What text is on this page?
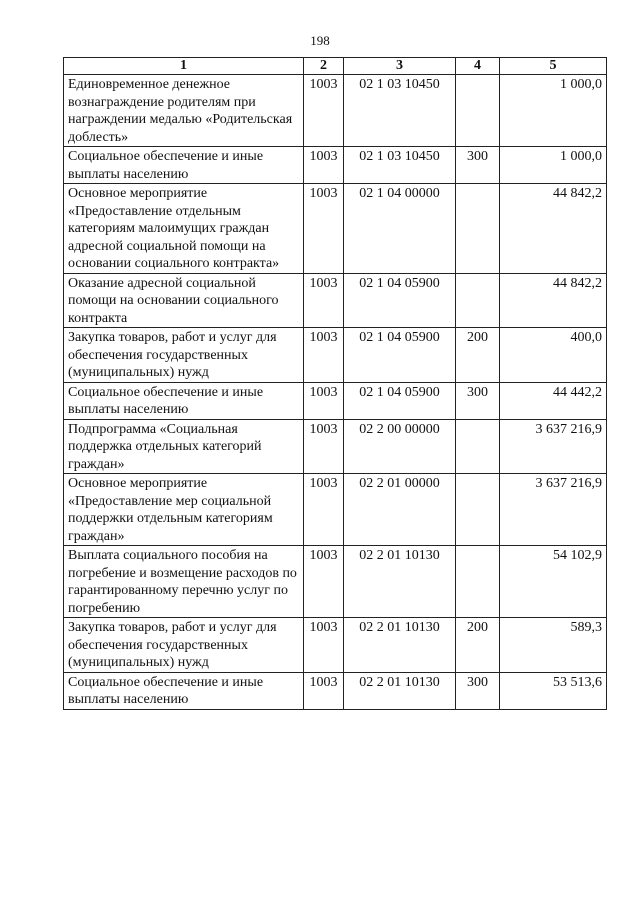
198
1	2	3	4	5
Единовременное денежное вознаграждение родителям при награждении медалью «Родительская доблесть»	1003	02 1 03 10450		1 000,0
Социальное обеспечение и иные выплаты населению	1003	02 1 03 10450	300	1 000,0
Основное мероприятие «Предоставление отдельным категориям малоимущих граждан адресной социальной помощи на основании социального контракта»	1003	02 1 04 00000		44 842,2
Оказание адресной социальной помощи на основании социального контракта	1003	02 1 04 05900		44 842,2
Закупка товаров, работ и услуг для обеспечения государственных (муниципальных) нужд	1003	02 1 04 05900	200	400,0
Социальное обеспечение и иные выплаты населению	1003	02 1 04 05900	300	44 442,2
Подпрограмма «Социальная поддержка отдельных категорий граждан»	1003	02 2 00 00000		3 637 216,9
Основное мероприятие «Предоставление мер социальной поддержки отдельным категориям граждан»	1003	02 2 01 00000		3 637 216,9
Выплата социального пособия на погребение и возмещение расходов по гарантированному перечню услуг по погребению	1003	02 2 01 10130		54 102,9
Закупка товаров, работ и услуг для обеспечения государственных (муниципальных) нужд	1003	02 2 01 10130	200	589,3
Социальное обеспечение и иные выплаты населению	1003	02 2 01 10130	300	53 513,6
